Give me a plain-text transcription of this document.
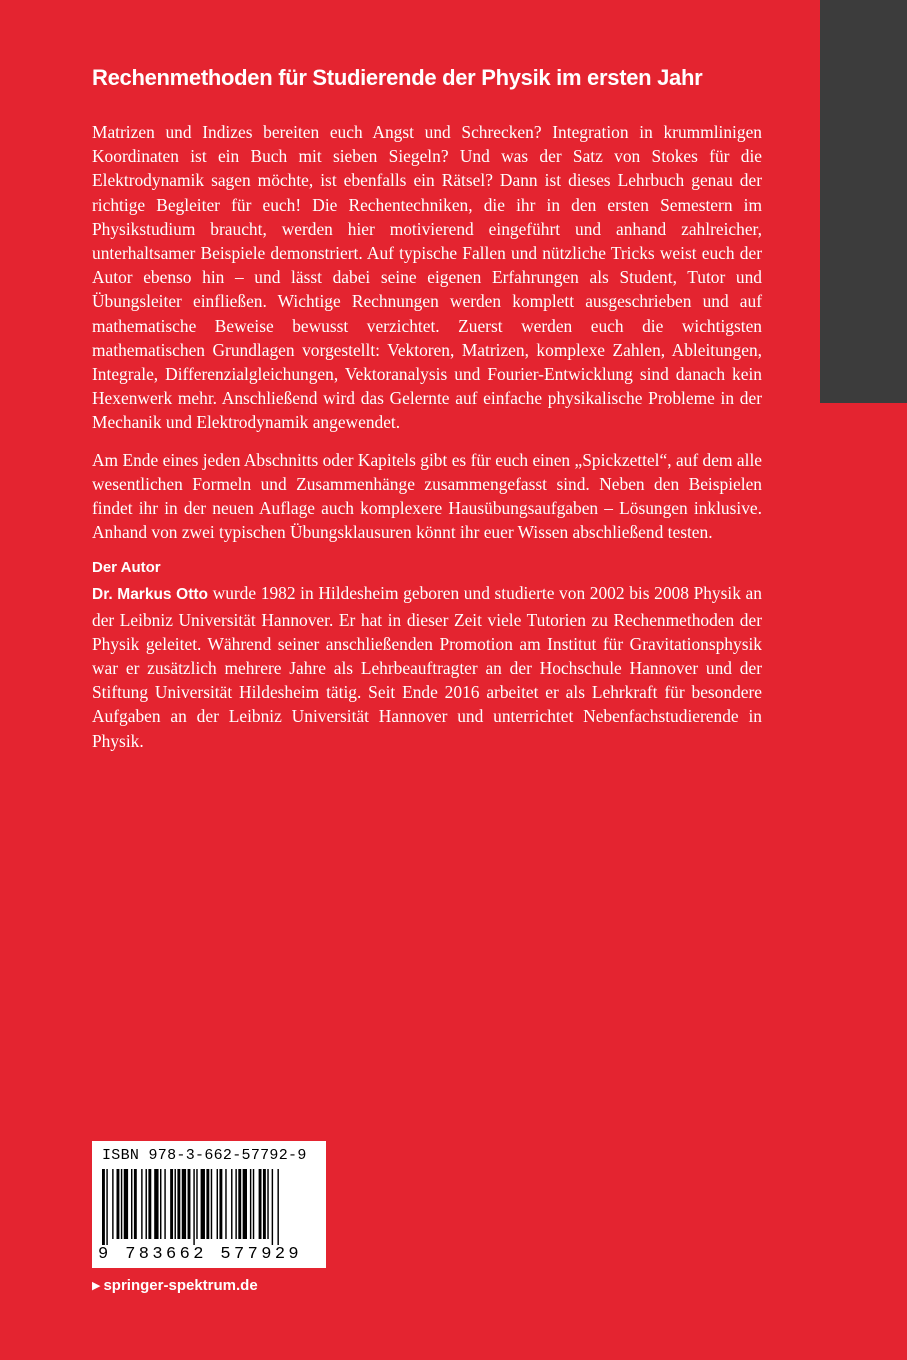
Rechenmethoden für Studierende der Physik im ersten Jahr

Matrizen und Indizes bereiten euch Angst und Schrecken? Integration in krummlinigen Koordinaten ist ein Buch mit sieben Siegeln? Und was der Satz von Stokes für die Elektrodynamik sagen möchte, ist ebenfalls ein Rätsel? Dann ist dieses Lehrbuch genau der richtige Begleiter für euch! Die Rechentechniken, die ihr in den ersten Semestern im Physikstudium braucht, werden hier motivierend eingeführt und anhand zahlreicher, unterhaltsamer Beispiele demonstriert. Auf typische Fallen und nützliche Tricks weist euch der Autor ebenso hin – und lässt dabei seine eigenen Erfahrungen als Student, Tutor und Übungsleiter einfließen. Wichtige Rechnungen werden komplett ausgeschrieben und auf mathematische Beweise bewusst verzichtet. Zuerst werden euch die wichtigsten mathematischen Grundlagen vorgestellt: Vektoren, Matrizen, komplexe Zahlen, Ableitungen, Integrale, Differenzialgleichungen, Vektoranalysis und Fourier-Entwicklung sind danach kein Hexenwerk mehr. Anschließend wird das Gelernte auf einfache physikalische Probleme in der Mechanik und Elektrodynamik angewendet.

Am Ende eines jeden Abschnitts oder Kapitels gibt es für euch einen „Spickzettel“, auf dem alle wesentlichen Formeln und Zusammenhänge zusammengefasst sind. Neben den Beispielen findet ihr in der neuen Auflage auch komplexere Hausübungsaufgaben – Lösungen inklusive. Anhand von zwei typischen Übungsklausuren könnt ihr euer Wissen abschließend testen.

Der Autor

Dr. Markus Otto wurde 1982 in Hildesheim geboren und studierte von 2002 bis 2008 Physik an der Leibniz Universität Hannover. Er hat in dieser Zeit viele Tutorien zu Rechenmethoden der Physik geleitet. Während seiner anschließenden Promotion am Institut für Gravitationsphysik war er zusätzlich mehrere Jahre als Lehrbeauftragter an der Hochschule Hannover und der Stiftung Universität Hildesheim tätig. Seit Ende 2016 arbeitet er als Lehrkraft für besondere Aufgaben an der Leibniz Universität Hannover und unterrichtet Nebenfachstudierende in Physik.

ISBN 978-3-662-57792-9
9 783662 577929
▶ springer-spektrum.de
